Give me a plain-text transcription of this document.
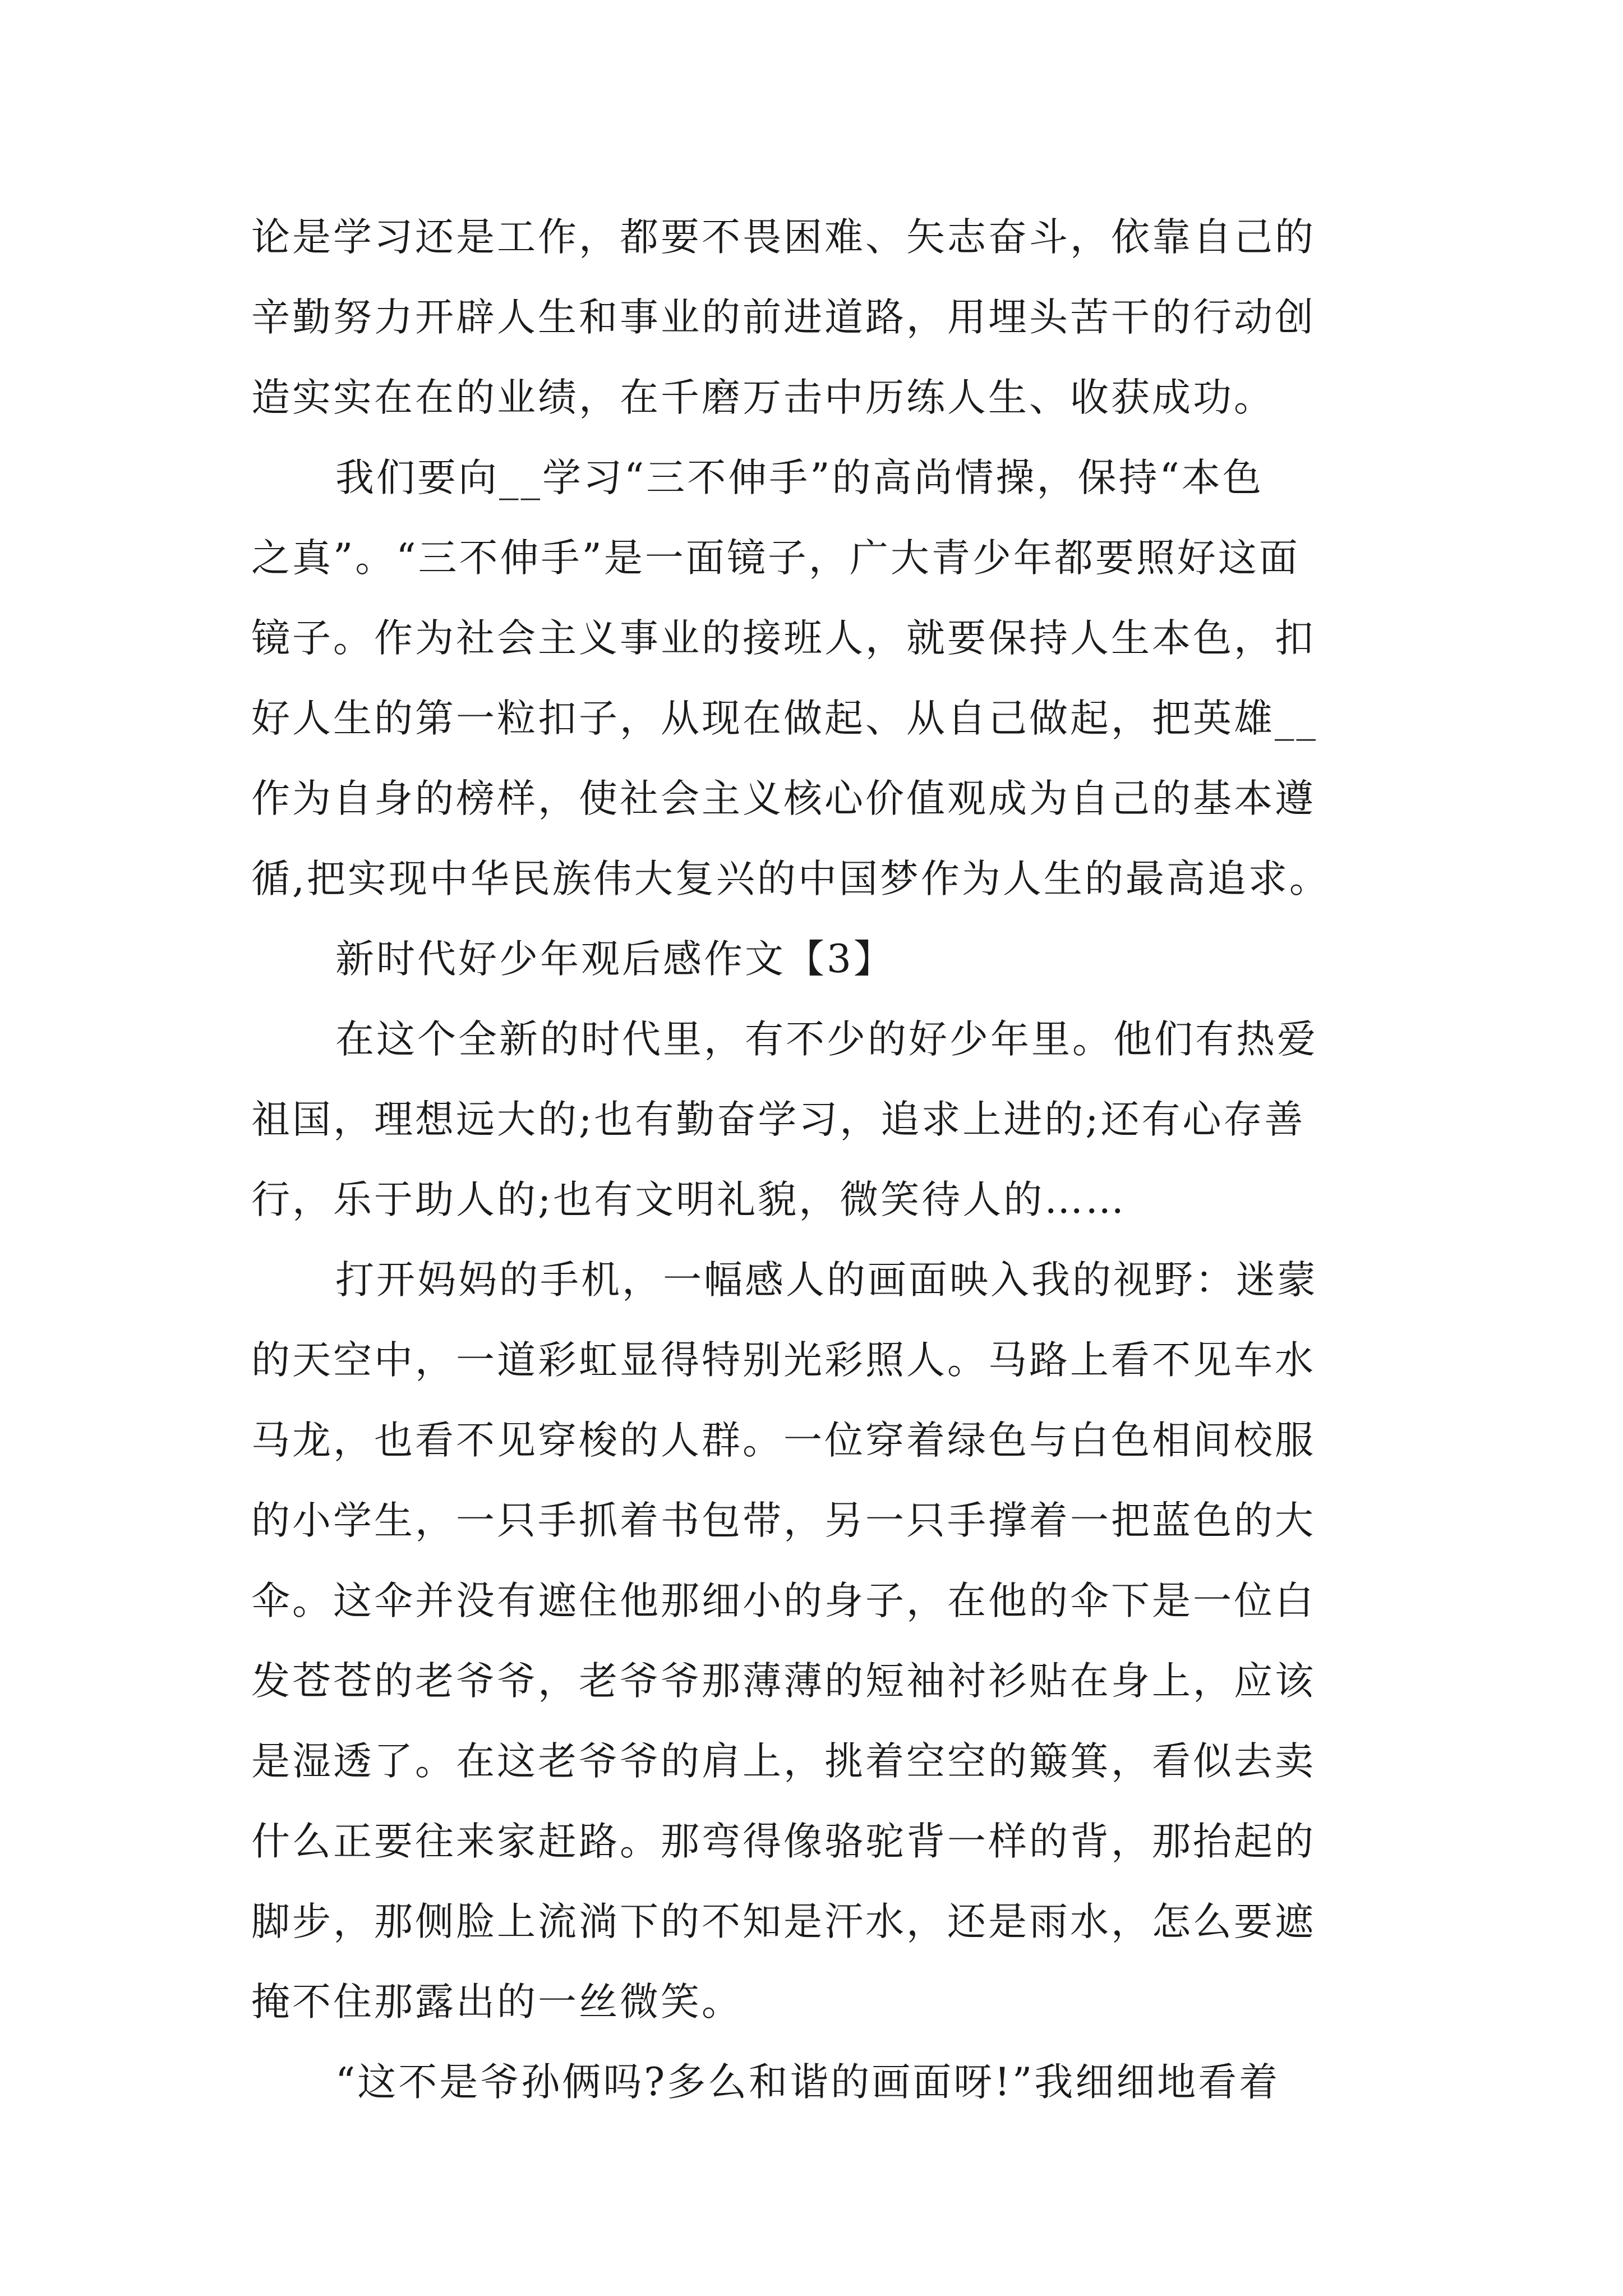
论是学习还是工作，都要不畏困难、矢志奋斗，依靠自己的
辛勤努力开辟人生和事业的前进道路，用埋头苦干的行动创
造实实在在的业绩，在千磨万击中历练人生、收获成功。
我们要向__学习“三不伸手”的高尚情操，保持“本色
之真”。“三不伸手”是一面镜子，广大青少年都要照好这面
镜子。作为社会主义事业的接班人，就要保持人生本色，扣
好人生的第一粒扣子，从现在做起、从自己做起，把英雄__
作为自身的榜样，使社会主义核心价值观成为自己的基本遵
循,把实现中华民族伟大复兴的中国梦作为人生的最高追求。
新时代好少年观后感作文【3】
在这个全新的时代里，有不少的好少年里。他们有热爱
祖国，理想远大的;也有勤奋学习，追求上进的;还有心存善
行，乐于助人的;也有文明礼貌，微笑待人的……
打开妈妈的手机，一幅感人的画面映入我的视野：迷蒙
的天空中，一道彩虹显得特别光彩照人。马路上看不见车水
马龙，也看不见穿梭的人群。一位穿着绿色与白色相间校服
的小学生，一只手抓着书包带，另一只手撑着一把蓝色的大
伞。这伞并没有遮住他那细小的身子，在他的伞下是一位白
发苍苍的老爷爷，老爷爷那薄薄的短袖衬衫贴在身上，应该
是湿透了。在这老爷爷的肩上，挑着空空的簸箕，看似去卖
什么正要往来家赶路。那弯得像骆驼背一样的背，那抬起的
脚步，那侧脸上流淌下的不知是汗水，还是雨水，怎么要遮
掩不住那露出的一丝微笑。
“这不是爷孙俩吗?多么和谐的画面呀!”我细细地看着
